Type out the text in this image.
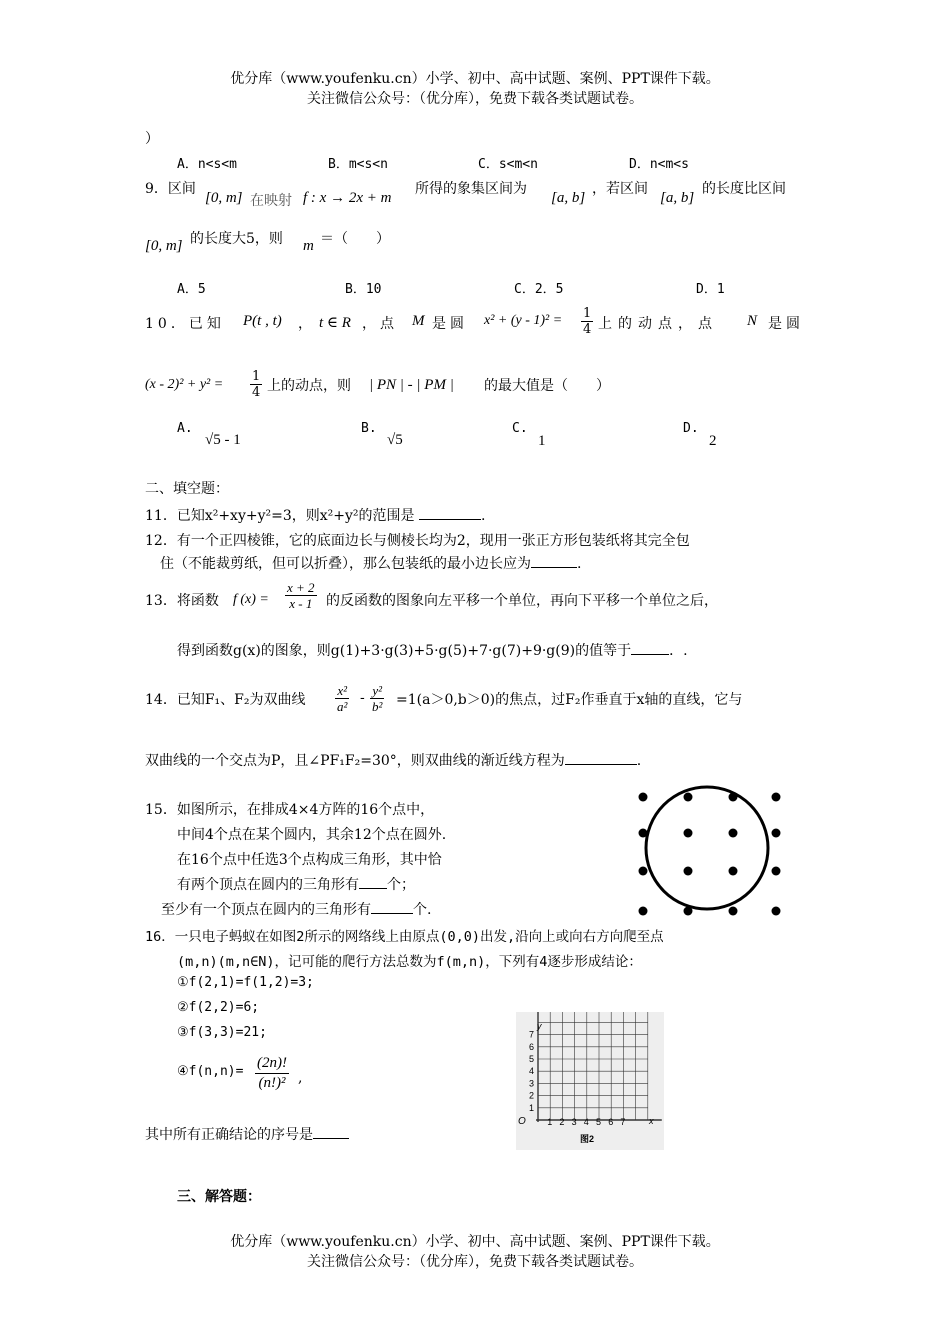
优分库（www.youfenku.cn）小学、初中、高中试题、案例、PPT课件下载。
关注微信公众号：（优分库），免费下载各类试题试卷。
）
A．n<s<m	B．m<s<n	C．s<m<n	D．n<m<s
9．区间
[0, m] 在映射 f : x → 2x + m
所得的象集区间为
[a, b]
，若区间
[a, b]
的长度比区间
[0, m] 的长度大5，则 m ＝（　　）
A．5	B．10	C．2．5	D．1
10．已知 P(t , t) ， t ∈ R ，点 M 是圆 $x^2 + (y - 1)^2 = \frac{1}{4}$ 上的动点，点 N 是圆
$(x - 2)^2 + y^2 = \frac{1}{4}$ 上的动点，则 | PN | - | PM | 的最大值是（　　）
A.
√5 - 1
B.
√5
C.
1
D.
2
二、填空题：
11．已知x²+xy+y²=3，则x²+y²的范围是	.
12．有一个正四棱锥，它的底面边长与侧棱长均为2，现用一张正方形包装纸将其完全包
住（不能裁剪纸，但可以折叠），那么包装纸的最小边长应为	.
13．将函数 f $(x) = \frac{x + 2}{x - 1}$ 的反函数的图象向左平移一个单位，再向下平移一个单位之后，
得到函数g(x)的图象，则g(1)+3·g(3)+5·g(5)+7·g(7)+9·g(9)的值等于	．.
14．已知F₁、F₂为双曲线 $\frac{\text{x²}}{\text{a²}} - \frac{\text{y²}}{\text{b²}} =1(a>0,b>0)$的焦点，过F₂作垂直于x轴的直线，它与
双曲线的一个交点为P，且∠PF₁F₂=30°，则双曲线的渐近线方程为	.
15．如图所示，在排成4×4方阵的16个点中，
中间4个点在某个圆内，其余12个点在圆外.
在16个点中任选3个点构成三角形，其中恰
有两个顶点在圆内的三角形有 个；
至少有一个顶点在圆内的三角形有	个.
16．一只电子蚂蚁在如图2所示的网络线上由原点(0,0)出发,沿向上或向右方向爬至点
(m,n)(m,n∈N)，记可能的爬行方法总数为f(m,n)，下列有4逐步形成结论：
①f(2,1)=f(1,2)=3;
②f(2,2)=6;
③f(3,3)=21;
④f(n,n)= $\frac{(2n)!}{\text{(n!)²}}$ ,
其中所有正确结论的序号是
1 2 3 4 5 6 7
1
2
3
4
5
6
7
O
y
x
图2
三、解答题：
优分库（www.youfenku.cn）小学、初中、高中试题、案例、PPT课件下载。
关注微信公众号：（优分库），免费下载各类试题试卷。
